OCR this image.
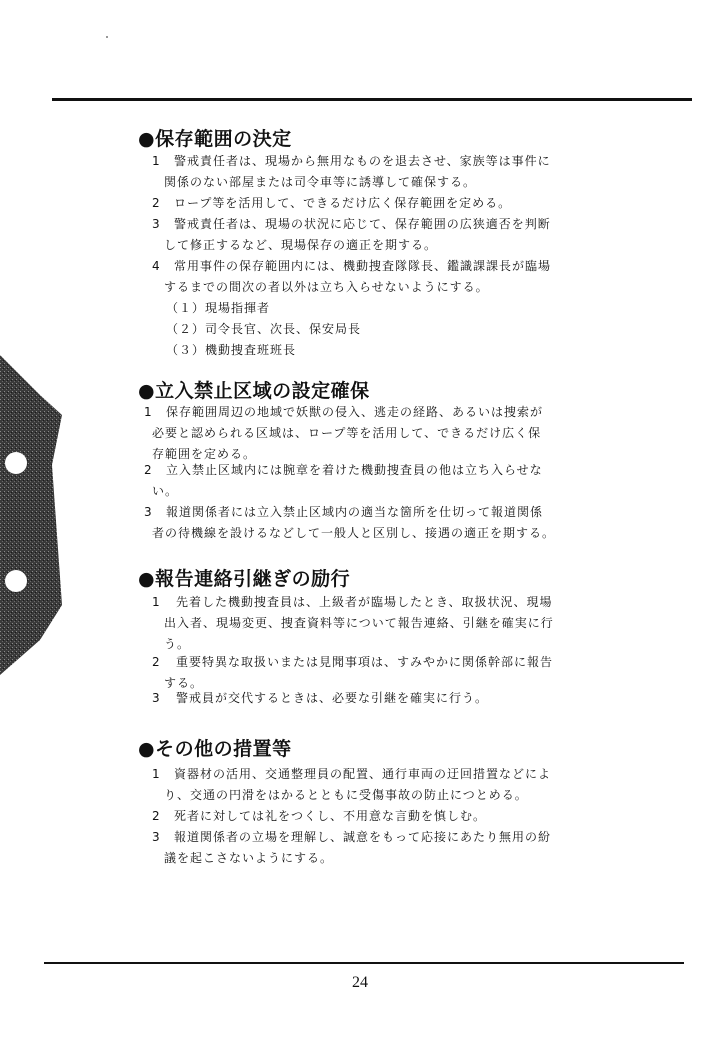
●保存範囲の決定
1 警戒責任者は、現場から無用なものを退去させ、家族等は事件に
関係のない部屋または司令車等に誘導して確保する。
2 ロープ等を活用して、できるだけ広く保存範囲を定める。
3 警戒責任者は、現場の状況に応じて、保存範囲の広狭適否を判断
して修正するなど、現場保存の適正を期する。
4 常用事件の保存範囲内には、機動捜査隊隊長、鑑識課課長が臨場
するまでの間次の者以外は立ち入らせないようにする。
（１）現場指揮者
（２）司令長官、次長、保安局長
（３）機動捜査班班長
●立入禁止区域の設定確保
1 保存範囲周辺の地域で妖獣の侵入、逃走の経路、あるいは捜索が
必要と認められる区域は、ロープ等を活用して、できるだけ広く保
存範囲を定める。
2 立入禁止区域内には腕章を着けた機動捜査員の他は立ち入らせな
い。
3 報道関係者には立入禁止区域内の適当な箇所を仕切って報道関係
者の待機線を設けるなどして一般人と区別し、接遇の適正を期する。
●報告連絡引継ぎの励行
1 先着した機動捜査員は、上級者が臨場したとき、取扱状況、現場
出入者、現場変更、捜査資料等について報告連絡、引継を確実に行
う。
2 重要特異な取扱いまたは見聞事項は、すみやかに関係幹部に報告
する。
3 警戒員が交代するときは、必要な引継を確実に行う。
●その他の措置等
1 資器材の活用、交通整理員の配置、通行車両の迂回措置などによ
り、交通の円滑をはかるとともに受傷事故の防止につとめる。
2 死者に対しては礼をつくし、不用意な言動を慎しむ。
3 報道関係者の立場を理解し、誠意をもって応接にあたり無用の紛
議を起こさないようにする。
24
